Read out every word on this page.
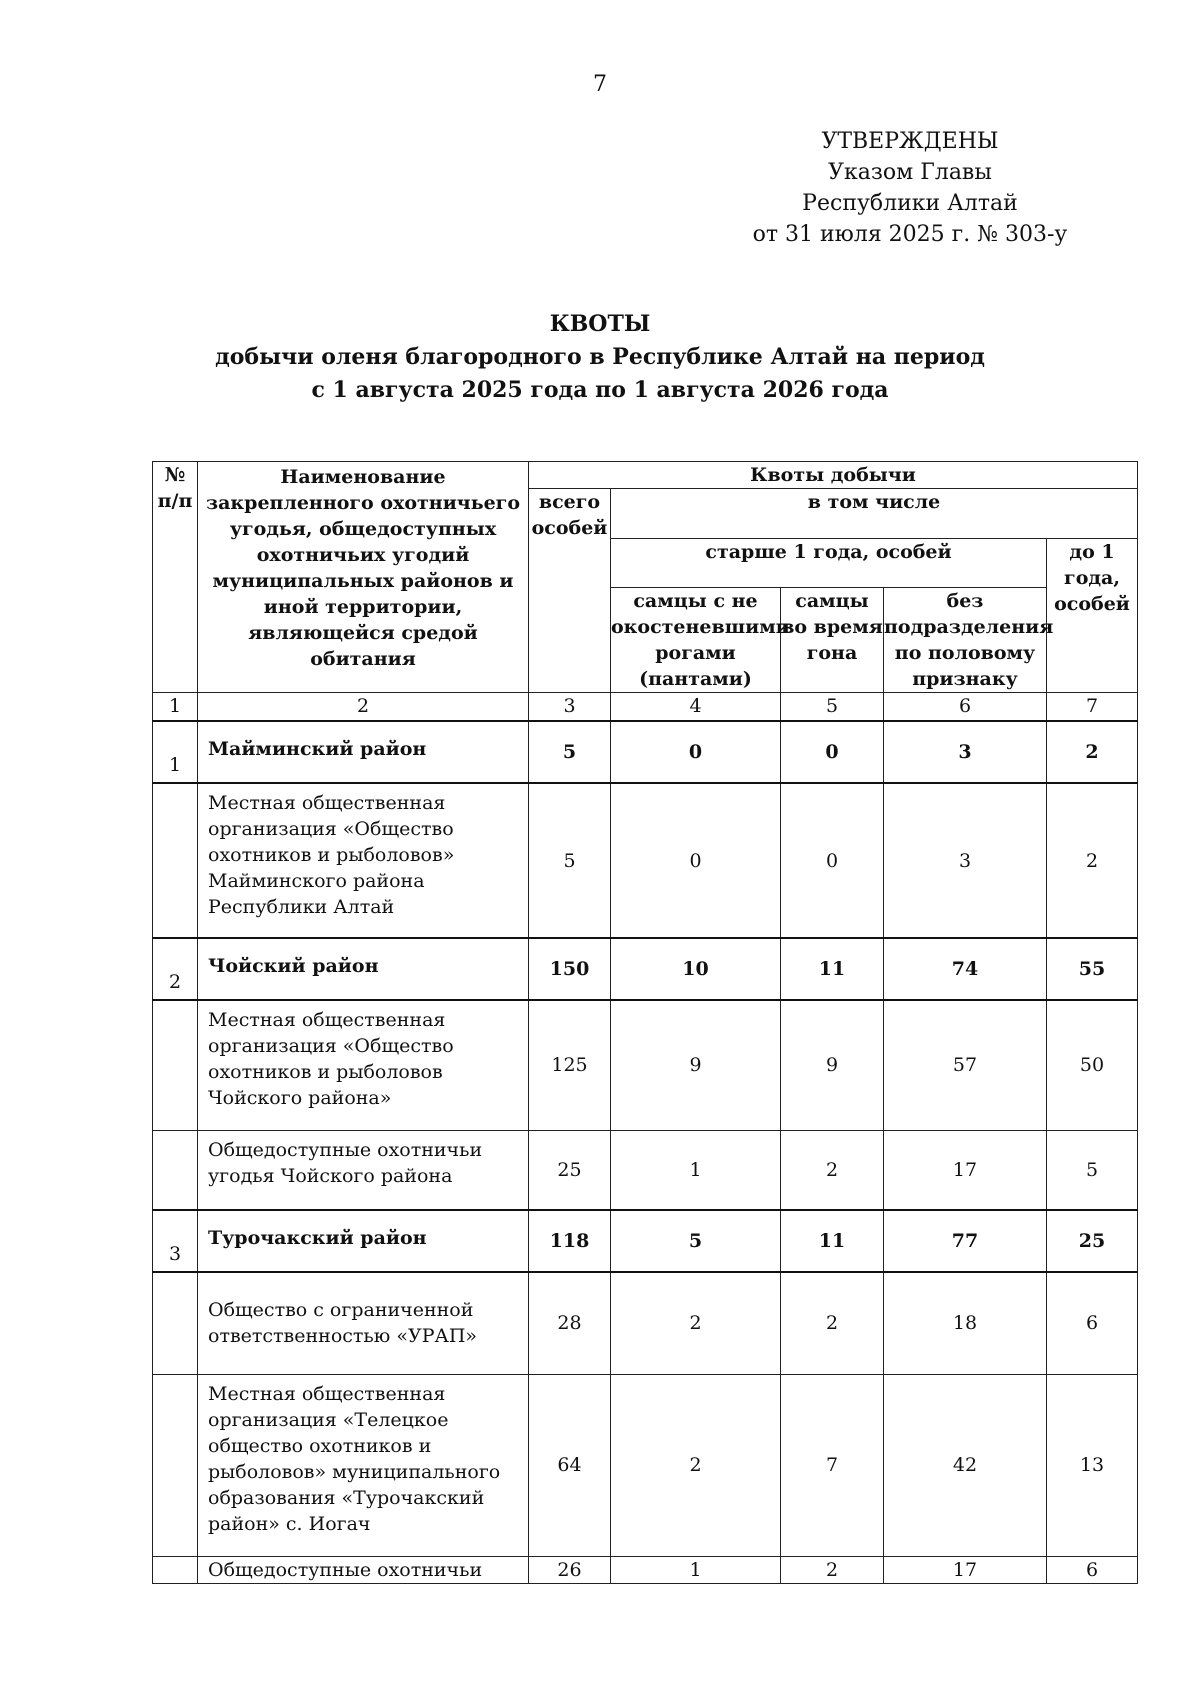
7
УТВЕРЖДЕНЫ
Указом Главы
Республики Алтай
от 31 июля 2025 г. № 303-у
КВОТЫ
добычи оленя благородного в Республике Алтай на период
с 1 августа 2025 года по 1 августа 2026 года
№ п/п	Наименование закрепленного охотничьего угодья, общедоступных охотничьих угодий муниципальных районов и иной территории, являющейся средой обитания	Квоты добычи				
		всего особей	в том числе			
			старше 1 года, особей			до 1 года, особей
			самцы с не окостеневшими рогами (пантами)	самцы во время гона	без подразделения по половому признаку	
1	2	3	4	5	6	7
1	Майминский район	5	0	0	3	2
	Местная общественная организация «Общество охотников и рыболовов» Майминского района Республики Алтай	5	0	0	3	2
2	Чойский район	150	10	11	74	55
	Местная общественная организация «Общество охотников и рыболовов Чойского района»	125	9	9	57	50
	Общедоступные охотничьи угодья Чойского района	25	1	2	17	5
3	Турочакский район	118	5	11	77	25
	Общество с ограниченной ответственностью «УРАП»	28	2	2	18	6
	Местная общественная организация «Телецкое общество охотников и рыболовов» муниципального образования «Турочакский район» с. Иогач	64	2	7	42	13
	Общедоступные охотничьи	26	1	2	17	6
